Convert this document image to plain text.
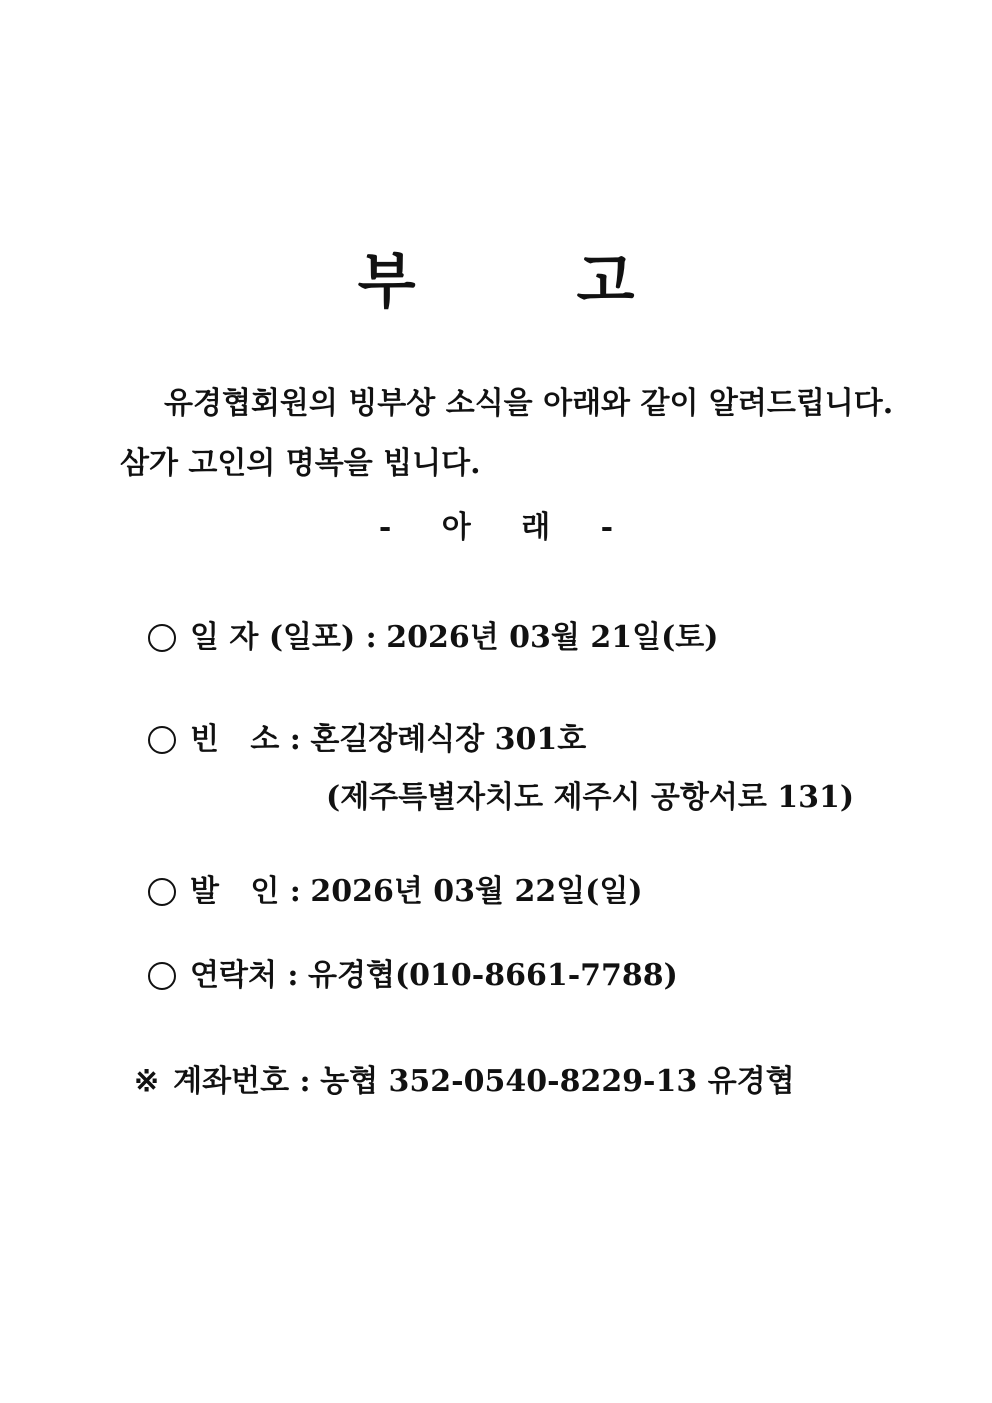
부 고
유경협회원의 빙부상 소식을 아래와 같이 알려드립니다.
삼가 고인의 명복을 빕니다.
- 아 래 -
일 자 (일포) : 2026년 03월 21일(토)
빈   소 : 혼길장례식장 301호
(제주특별자치도 제주시 공항서로 131)
발   인 : 2026년 03월 22일(일)
연락처 : 유경협(010-8661-7788)
※ 계좌번호 : 농협 352-0540-8229-13 유경협
